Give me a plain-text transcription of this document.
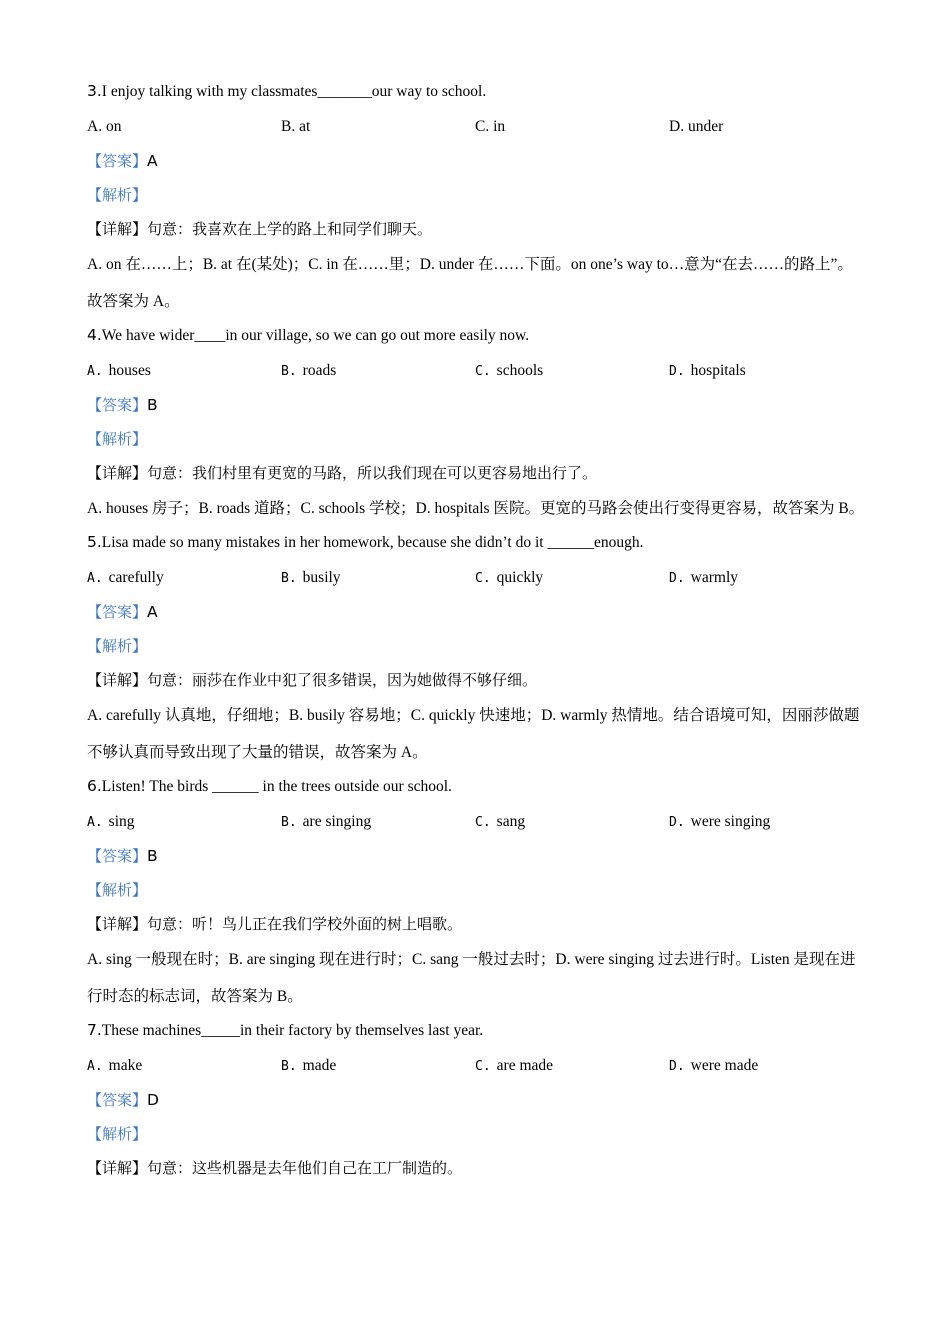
3.I enjoy talking with my classmates_______our way to school.
A. on	B. at	C. in	D. under
【答案】A
【解析】
【详解】句意：我喜欢在上学的路上和同学们聊天。
A. on 在……上；B. at 在(某处)；C. in 在……里；D. under 在……下面。on one’s way to…意为“在去……的路上”。故答案为 A。
4.We have wider____in our village, so we can go out more easily now.
A. houses	B. roads	C. schools	D. hospitals
【答案】B
【解析】
【详解】句意：我们村里有更宽的马路，所以我们现在可以更容易地出行了。
A. houses 房子；B. roads 道路；C. schools 学校；D. hospitals 医院。更宽的马路会使出行变得更容易，故答案为 B。
5.Lisa made so many mistakes in her homework, because she didn’t do it ______enough.
A. carefully	B. busily	C. quickly	D. warmly
【答案】A
【解析】
【详解】句意：丽莎在作业中犯了很多错误，因为她做得不够仔细。
A. carefully 认真地，仔细地；B. busily 容易地；C. quickly 快速地；D. warmly 热情地。结合语境可知，因丽莎做题不够认真而导致出现了大量的错误，故答案为 A。
6.Listen! The birds ______ in the trees outside our school.
A. sing	B. are singing	C. sang	D. were singing
【答案】B
【解析】
【详解】句意：听！鸟儿正在我们学校外面的树上唱歌。
A. sing 一般现在时；B. are singing 现在进行时；C. sang 一般过去时；D. were singing 过去进行时。Listen 是现在进行时态的标志词，故答案为 B。
7.These machines_____in their factory by themselves last year.
A. make	B. made	C. are made	D. were made
【答案】D
【解析】
【详解】句意：这些机器是去年他们自己在工厂制造的。
